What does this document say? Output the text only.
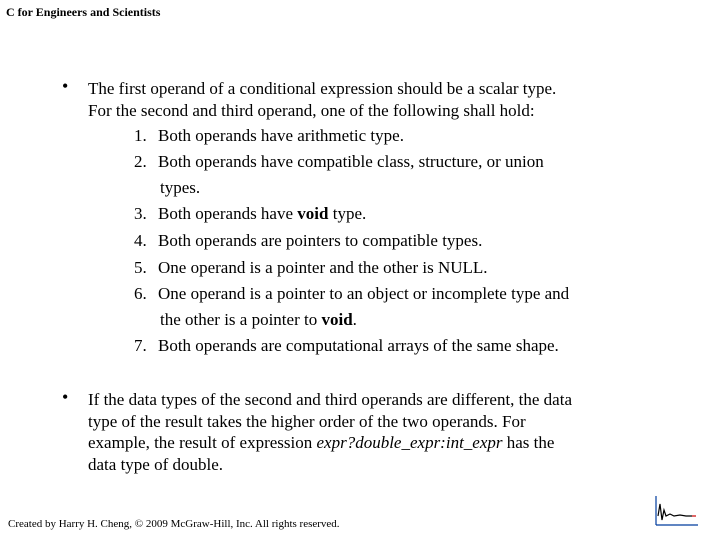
C for Engineers and Scientists
• The first operand of a conditional expression should be a scalar type.
For the second and third operand, one of the following shall hold:
1. Both operands have arithmetic type.
2. Both operands have compatible class, structure, or union
types.
3. Both operands have void type.
4. Both operands are pointers to compatible types.
5. One operand is a pointer and the other is NULL.
6. One operand is a pointer to an object or incomplete type and
the other is a pointer to void.
7. Both operands are computational arrays of the same shape.
• If the data types of the second and third operands are different, the data
type of the result takes the higher order of the two operands. For
example, the result of expression expr?double_expr:int_expr has the
data type of double.
Created by Harry H. Cheng, © 2009 McGraw-Hill, Inc. All rights reserved.
